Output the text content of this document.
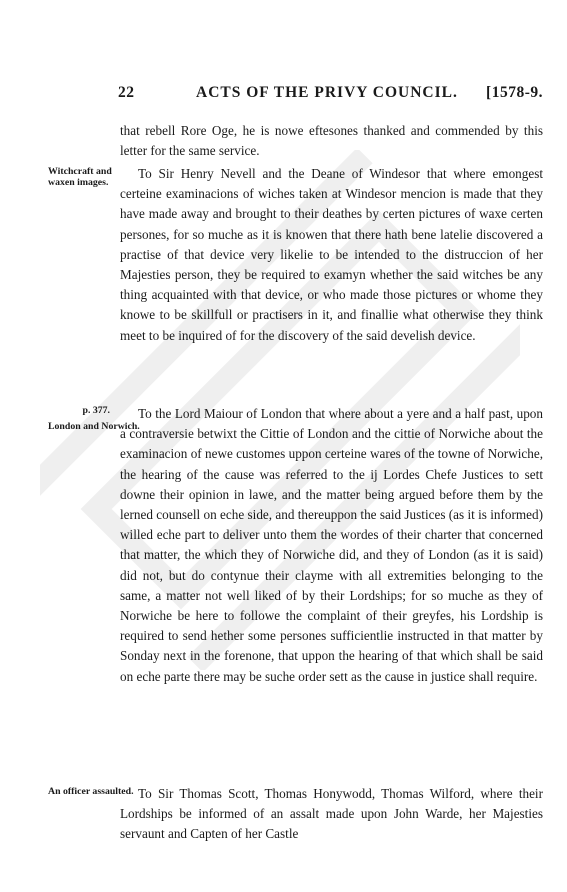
22	ACTS OF THE PRIVY COUNCIL. [1578-9.
Witchcraft and waxen images.
p. 377.
London and Norwich.
An officer assaulted.

that rebell Rore Oge, he is nowe eftesones thanked and commended by this letter for the same service.

To Sir Henry Nevell and the Deane of Windesor that where emongest certeine examinacions of wiches taken at Windesor mencion is made that they have made away and brought to their deathes by certen pictures of waxe certen persones, for so muche as it is knowen that there hath bene latelie discovered a practise of that device very likelie to be intended to the distruccion of her Majesties person, they be required to examyn whether the said witches be any thing acquainted with that device, or who made those pictures or whome they knowe to be skillfull or practisers in it, and finallie what otherwise they think meet to be inquired of for the discovery of the said develish device.

To the Lord Maiour of London that where about a yere and a half past, upon a contraversie betwixt the Cittie of London and the cittie of Norwiche about the examinacion of newe customes uppon certeine wares of the towne of Norwiche, the hearing of the cause was referred to the ij Lordes Chefe Justices to sett downe their opinion in lawe, and the matter being argued before them by the lerned counsell on eche side, and thereuppon the said Justices (as it is informed) willed eche part to deliver unto them the wordes of their charter that concerned that matter, the which they of Norwiche did, and they of London (as it is said) did not, but do contynue their clayme with all extremities belonging to the same, a matter not well liked of by their Lordships; for so muche as they of Norwiche be here to followe the complaint of their greyfes, his Lordship is required to send hether some persones sufficientlie instructed in that matter by Sonday next in the forenone, that uppon the hearing of that which shall be said on eche parte there may be suche order sett as the cause in justice shall require.

To Sir Thomas Scott, Thomas Honywodd, Thomas Wilford, where their Lordships be informed of an assalt made upon John Warde, her Majesties servaunt and Capten of her Castle
